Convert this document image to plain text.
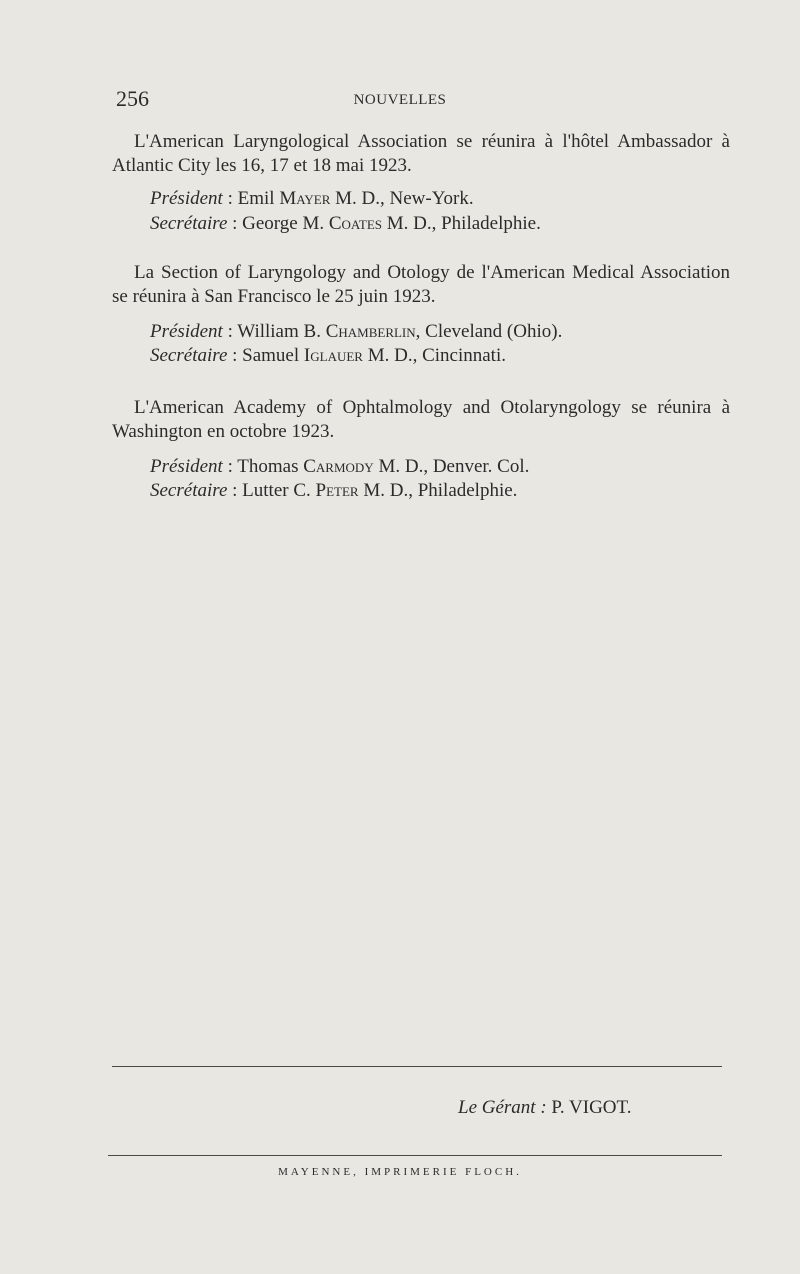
256	NOUVELLES

L'American Laryngological Association se réunira à l'hôtel Ambassador à Atlantic City les 16, 17 et 18 mai 1923.

Président : Emil Mayer M. D., New-York.
Secrétaire : George M. Coates M. D., Philadelphie.

La Section of Laryngology and Otology de l'American Medical Association se réunira à San Francisco le 25 juin 1923.

Président : William B. Chamberlin, Cleveland (Ohio).
Secrétaire : Samuel Iglauer M. D., Cincinnati.

L'American Academy of Ophtalmology and Otolaryngology se réunira à Washington en octobre 1923.

Président : Thomas Carmody M. D., Denver. Col.
Secrétaire : Lutter C. Peter M. D., Philadelphie.
Le Gérant : P. VIGOT.
MAYENNE, IMPRIMERIE FLOCH.
